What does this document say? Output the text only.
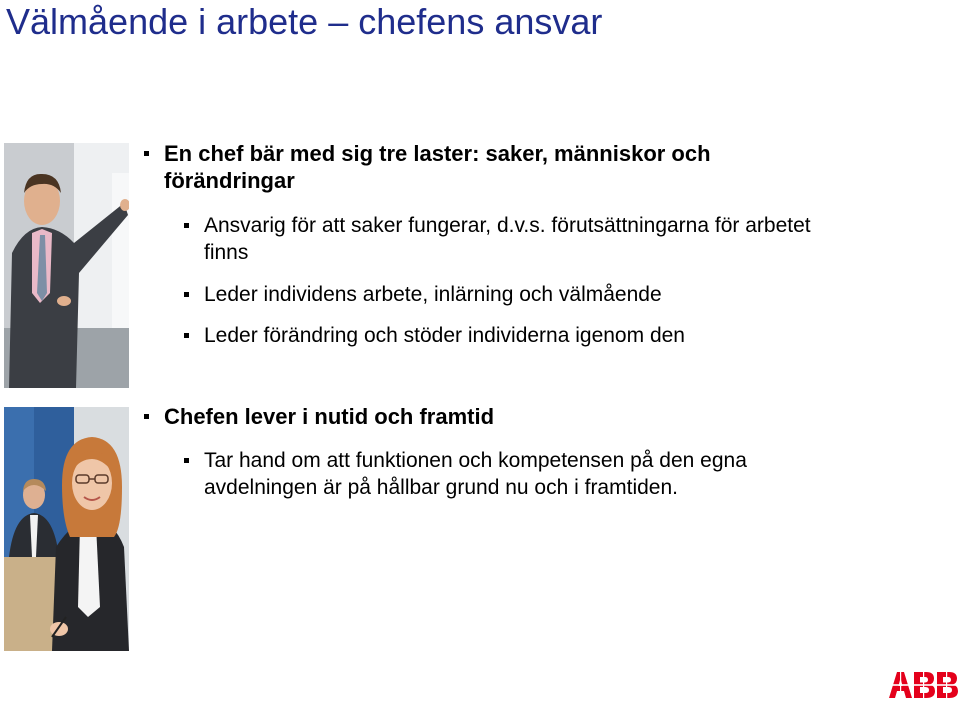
Välmående i arbete – chefens ansvar
En chef bär med sig tre laster: saker, människor och förändringar
Ansvarig för att saker fungerar, d.v.s. förutsättningarna för arbetet finns
Leder individens arbete, inlärning och välmående
Leder förändring och stöder individerna igenom den
Chefen lever i nutid och framtid
Tar hand om att funktionen och kompetensen på den egna avdelningen är på hållbar grund nu och i framtiden.
